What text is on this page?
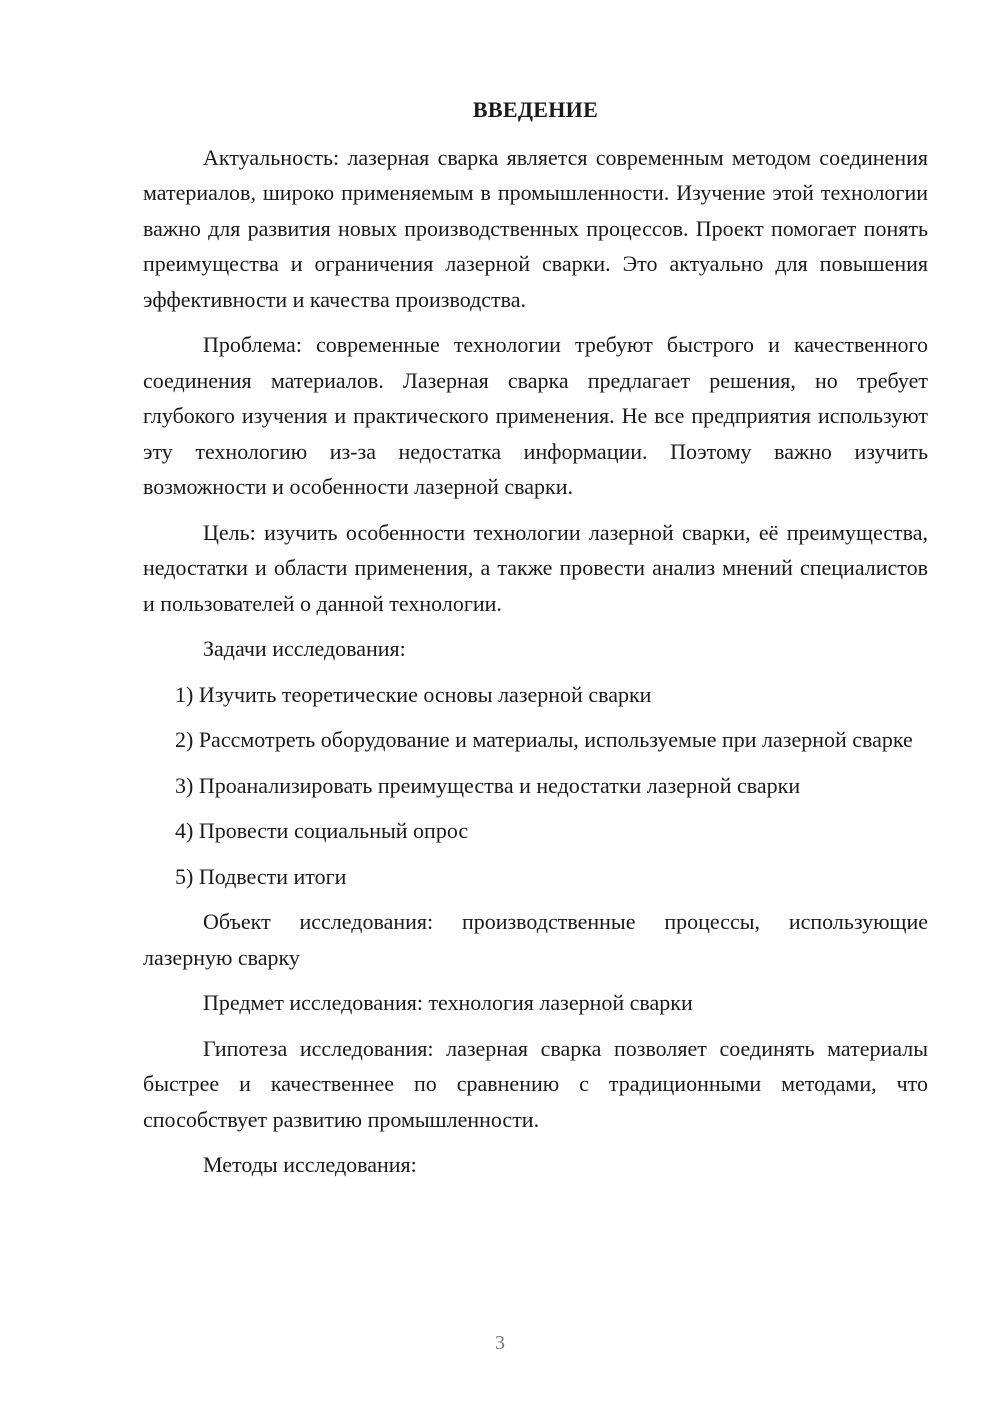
ВВЕДЕНИЕ

Актуальность: лазерная сварка является современным методом соединения материалов, широко применяемым в промышленности. Изучение этой технологии важно для развития новых производственных процессов. Проект помогает понять преимущества и ограничения лазерной сварки. Это актуально для повышения эффективности и качества производства.

Проблема: современные технологии требуют быстрого и качественного соединения материалов. Лазерная сварка предлагает решения, но требует глубокого изучения и практического применения. Не все предприятия используют эту технологию из-за недостатка информации. Поэтому важно изучить возможности и особенности лазерной сварки.

Цель: изучить особенности технологии лазерной сварки, её преимущества, недостатки и области применения, а также провести анализ мнений специалистов и пользователей о данной технологии.

Задачи исследования:

1) Изучить теоретические основы лазерной сварки

2) Рассмотреть оборудование и материалы, используемые при лазерной сварке

3) Проанализировать преимущества и недостатки лазерной сварки

4) Провести социальный опрос

5) Подвести итоги

Объект исследования: производственные процессы, использующие лазерную сварку

Предмет исследования: технология лазерной сварки

Гипотеза исследования: лазерная сварка позволяет соединять материалы быстрее и качественнее по сравнению с традиционными методами, что способствует развитию промышленности.

Методы исследования:

3
